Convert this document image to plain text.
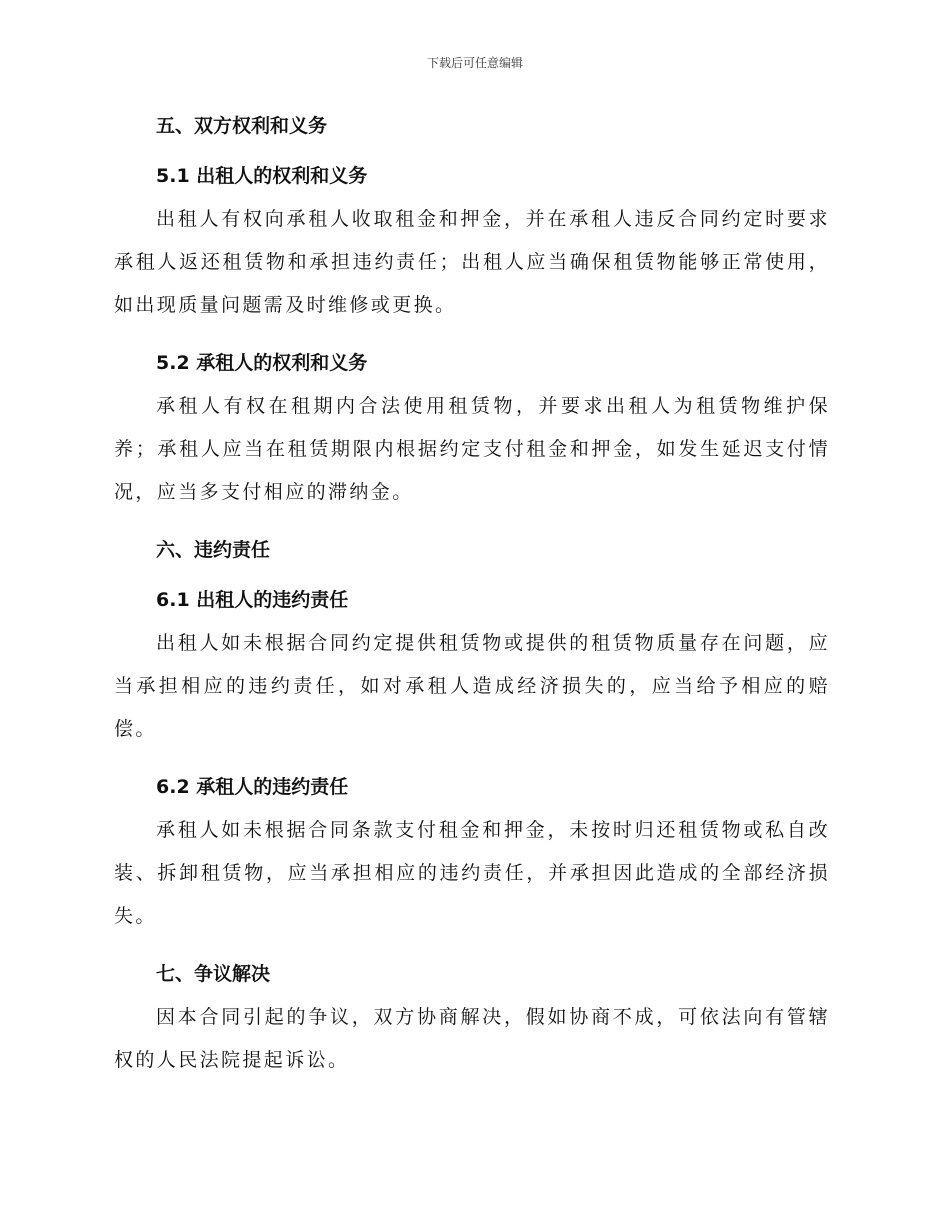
下载后可任意编辑
五、双方权利和义务
5.1 出租人的权利和义务

出租人有权向承租人收取租金和押金，并在承租人违反合同约定时要求承租人返还租赁物和承担违约责任；出租人应当确保租赁物能够正常使用，如出现质量问题需及时维修或更换。

5.2 承租人的权利和义务

承租人有权在租期内合法使用租赁物，并要求出租人为租赁物维护保养；承租人应当在租赁期限内根据约定支付租金和押金，如发生延迟支付情况，应当多支付相应的滞纳金。

六、违约责任
6.1 出租人的违约责任

出租人如未根据合同约定提供租赁物或提供的租赁物质量存在问题，应当承担相应的违约责任，如对承租人造成经济损失的，应当给予相应的赔偿。

6.2 承租人的违约责任

承租人如未根据合同条款支付租金和押金，未按时归还租赁物或私自改装、拆卸租赁物，应当承担相应的违约责任，并承担因此造成的全部经济损失。

七、争议解决

因本合同引起的争议，双方协商解决，假如协商不成，可依法向有管辖权的人民法院提起诉讼。
